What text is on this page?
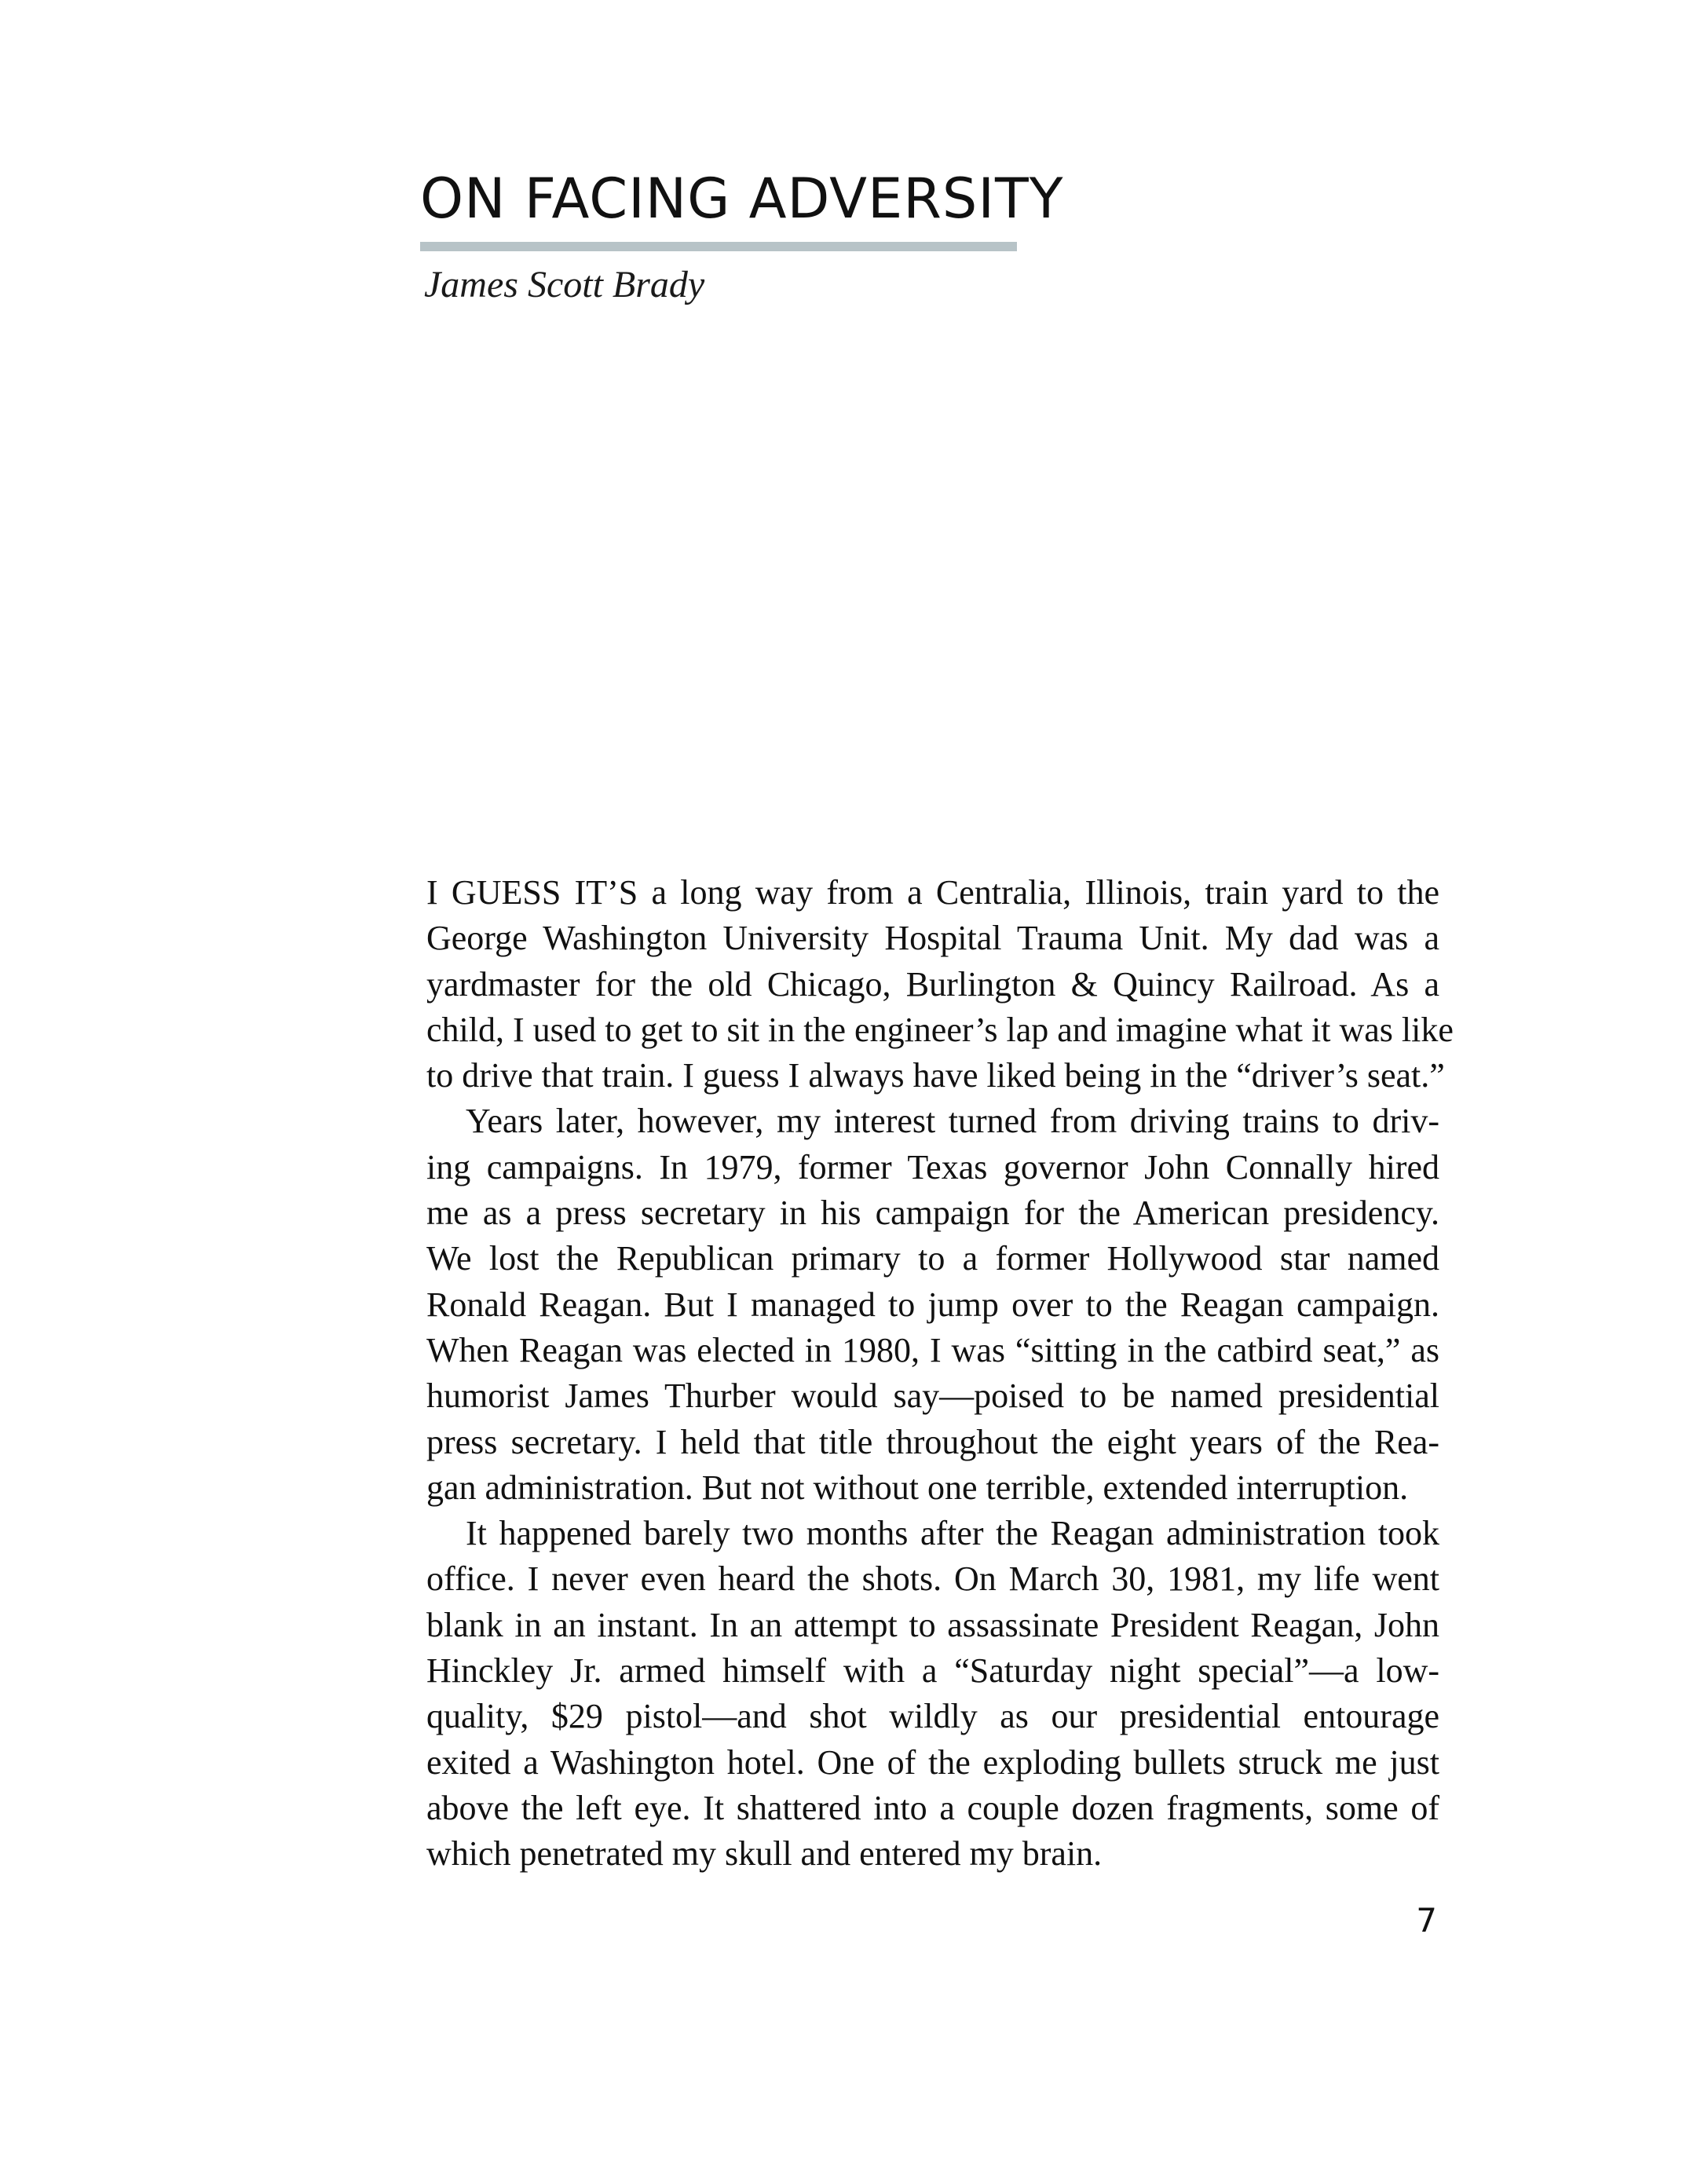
ON FACING ADVERSITY

James Scott Brady

I GUESS IT’S a long way from a Centralia, Illinois, train yard to the
George Washington University Hospital Trauma Unit. My dad was a
yardmaster for the old Chicago, Burlington & Quincy Railroad. As a
child, I used to get to sit in the engineer’s lap and imagine what it was like
to drive that train. I guess I always have liked being in the “driver’s seat.”
Years later, however, my interest turned from driving trains to driv-
ing campaigns. In 1979, former Texas governor John Connally hired
me as a press secretary in his campaign for the American presidency.
We lost the Republican primary to a former Hollywood star named
Ronald Reagan. But I managed to jump over to the Reagan campaign.
When Reagan was elected in 1980, I was “sitting in the catbird seat,” as
humorist James Thurber would say—poised to be named presidential
press secretary. I held that title throughout the eight years of the Rea-
gan administration. But not without one terrible, extended interruption.
It happened barely two months after the Reagan administration took
office. I never even heard the shots. On March 30, 1981, my life went
blank in an instant. In an attempt to assassinate President Reagan, John
Hinckley Jr. armed himself with a “Saturday night special”—a low-
quality, $29 pistol—and shot wildly as our presidential entourage
exited a Washington hotel. One of the exploding bullets struck me just
above the left eye. It shattered into a couple dozen fragments, some of
which penetrated my skull and entered my brain.

7
